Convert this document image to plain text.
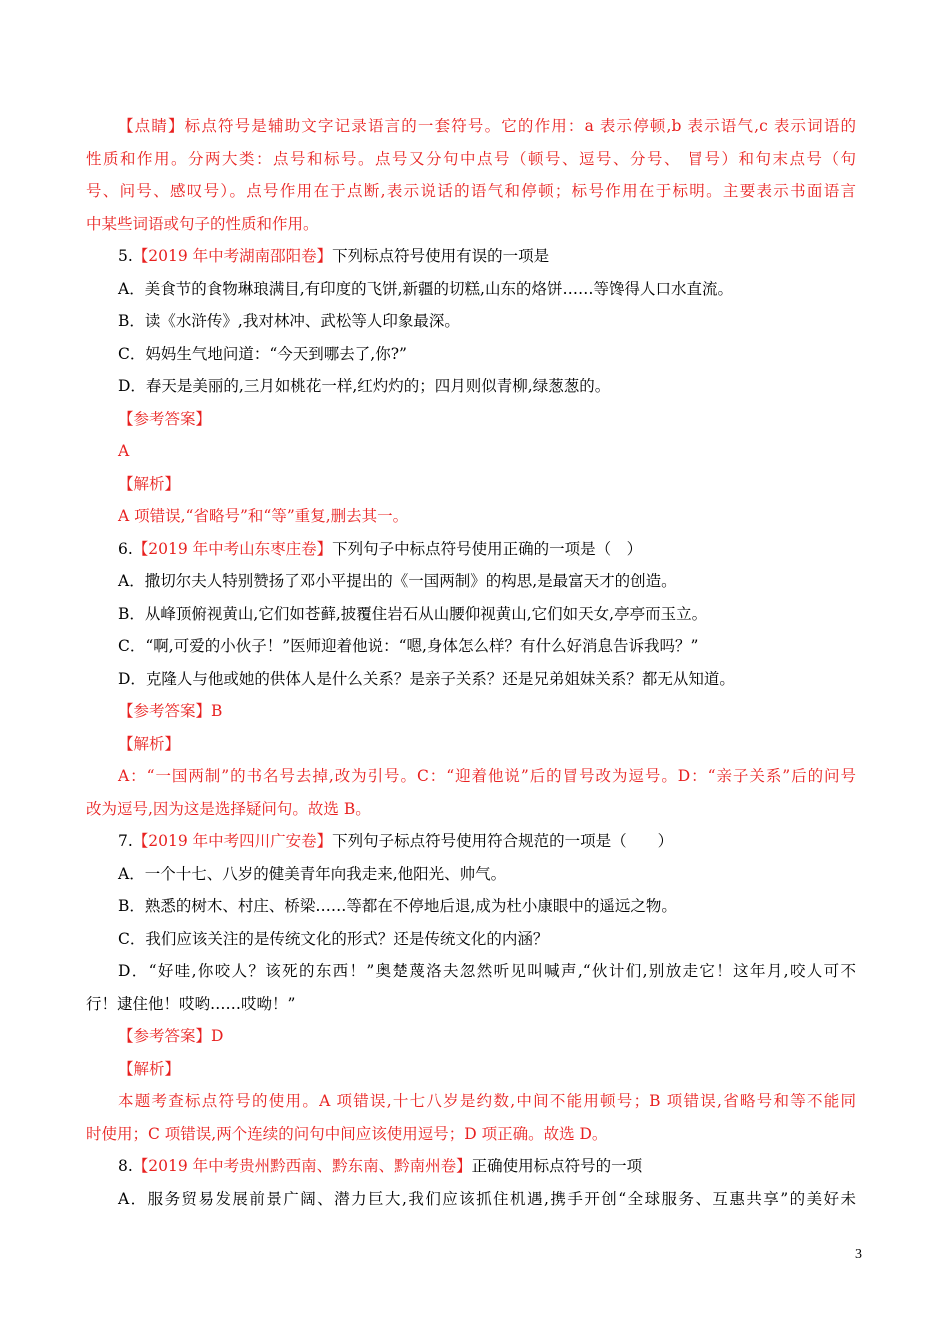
【点睛】标点符号是辅助文字记录语言的一套符号。它的作用：a 表示停顿,b 表示语气,c 表示词语的

性质和作用。分两大类：点号和标号。点号又分句中点号（顿号、逗号、分号、 冒号）和句末点号（句

号、问号、感叹号）。点号作用在于点断,表示说话的语气和停顿；标号作用在于标明。主要表示书面语言

中某些词语或句子的性质和作用。

5.【2019 年中考湖南邵阳卷】下列标点符号使用有误的一项是

A．美食节的食物琳琅满目,有印度的飞饼,新疆的切糕,山东的烙饼……等馋得人口水直流。

B．读《水浒传》,我对林冲、武松等人印象最深。

C．妈妈生气地问道：“今天到哪去了,你?”

D．春天是美丽的,三月如桃花一样,红灼灼的；四月则似青柳,绿葱葱的。

【参考答案】

A

【解析】

A 项错误,“省略号”和“等”重复,删去其一。

6.【2019 年中考山东枣庄卷】下列句子中标点符号使用正确的一项是（　）

A．撒切尔夫人特别赞扬了邓小平提出的《一国两制》的构思,是最富天才的创造。

B．从峰顶俯视黄山,它们如苍藓,披覆住岩石从山腰仰视黄山,它们如天女,亭亭而玉立。

C．“啊,可爱的小伙子！”医师迎着他说：“嗯,身体怎么样？有什么好消息告诉我吗？”

D．克隆人与他或她的供体人是什么关系？是亲子关系？还是兄弟姐妹关系？都无从知道。

【参考答案】B

【解析】

A：“一国两制”的书名号去掉,改为引号。C：“迎着他说”后的冒号改为逗号。D：“亲子关系”后的问号

改为逗号,因为这是选择疑问句。故选 B。

7.【2019 年中考四川广安卷】下列句子标点符号使用符合规范的一项是（　　）

A．一个十七、八岁的健美青年向我走来,他阳光、帅气。

B．熟悉的树木、村庄、桥梁……等都在不停地后退,成为杜小康眼中的遥远之物。

C．我们应该关注的是传统文化的形式？还是传统文化的内涵？

D．“好哇,你咬人？该死的东西！”奥楚蔑洛夫忽然听见叫喊声,“伙计们,别放走它！这年月,咬人可不

行！逮住他！哎哟……哎呦！”

【参考答案】D

【解析】

本题考查标点符号的使用。A 项错误,十七八岁是约数,中间不能用顿号；B 项错误,省略号和等不能同

时使用；C 项错误,两个连续的问句中间应该使用逗号；D 项正确。故选 D。

8.【2019 年中考贵州黔西南、黔东南、黔南州卷】正确使用标点符号的一项

A．服务贸易发展前景广阔、潜力巨大,我们应该抓住机遇,携手开创“全球服务、互惠共享”的美好未

3
